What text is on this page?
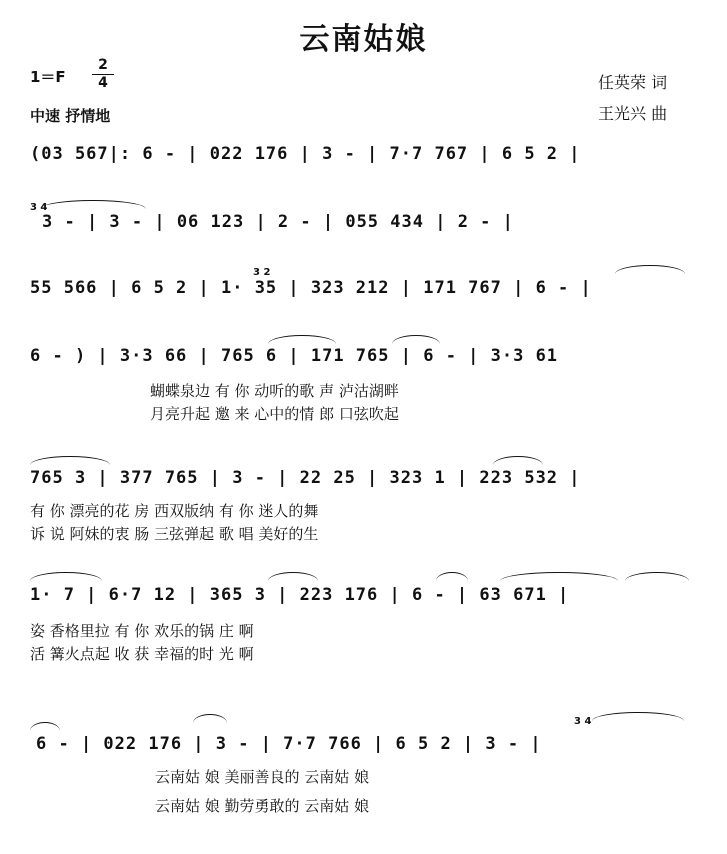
云南姑娘
1＝F
2
4
中速 抒情地
任英荣 词
王光兴 曲
(03 567|: 6 - | 022 176 | 3 - | 7·7 767 | 6 5 2 |
3 4
3 - | 3 - | 06 123 | 2 - | 055 434 | 2 - |
3 2
55 566 | 6 5 2 | 1· 35 | 323 212 | 171 767 | 6 - |
6 - ) | 3·3 66 | 765 6 | 171 765 | 6 - | 3·3 61
蝴蝶泉边 有 你 动听的歌 声 泸沽湖畔
月亮升起 邀 来 心中的情 郎 口弦吹起
765 3 | 377 765 | 3 - | 22 25 | 323 1 | 223 532 |
有 你 漂亮的花 房 西双版纳 有 你 迷人的舞
诉 说 阿妹的衷 肠 三弦弹起 歌 唱 美好的生
1· 7 | 6·7 12 | 365 3 | 223 176 | 6 - | 63 671 |
姿 香格里拉 有 你 欢乐的锅 庄 啊
活 篝火点起 收 获 幸福的时 光 啊
3 4
6 - | 022 176 | 3 - | 7·7 766 | 6 5 2 | 3 - |
云南姑 娘 美丽善良的 云南姑 娘
云南姑 娘 勤劳勇敢的 云南姑 娘
